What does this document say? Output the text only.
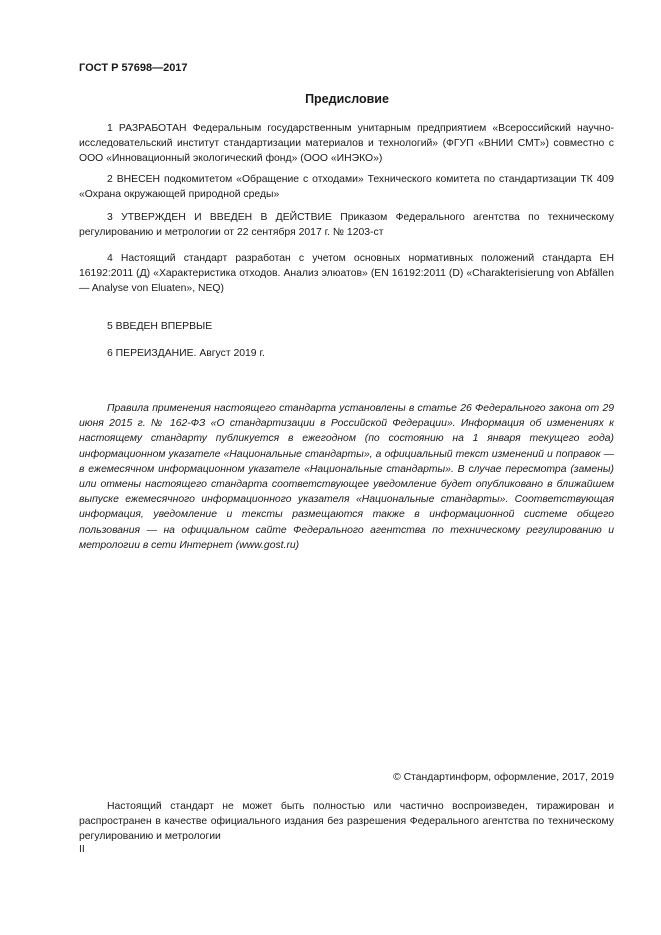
ГОСТ Р 57698—2017
Предисловие
1 РАЗРАБОТАН Федеральным государственным унитарным предприятием «Всероссийский научно-исследовательский институт стандартизации материалов и технологий» (ФГУП «ВНИИ СМТ») совместно с ООО «Инновационный экологический фонд» (ООО «ИНЭКО»)
2 ВНЕСЕН подкомитетом «Обращение с отходами» Технического комитета по стандартизации ТК 409 «Охрана окружающей природной среды»
3 УТВЕРЖДЕН И ВВЕДЕН В ДЕЙСТВИЕ Приказом Федерального агентства по техническому регулированию и метрологии от 22 сентября 2017 г. № 1203-ст
4 Настоящий стандарт разработан с учетом основных нормативных положений стандарта ЕН 16192:2011 (Д) «Характеристика отходов. Анализ элюатов» (EN 16192:2011 (D) «Charakterisierung von Abfällen — Analyse von Eluaten», NEQ)
5 ВВЕДЕН ВПЕРВЫЕ
6 ПЕРЕИЗДАНИЕ. Август 2019 г.
Правила применения настоящего стандарта установлены в статье 26 Федерального закона от 29 июня 2015 г. № 162-ФЗ «О стандартизации в Российской Федерации». Информация об изменениях к настоящему стандарту публикуется в ежегодном (по состоянию на 1 января текущего года) информационном указателе «Национальные стандарты», а официальный текст изменений и поправок — в ежемесячном информационном указателе «Национальные стандарты». В случае пересмотра (замены) или отмены настоящего стандарта соответствующее уведомление будет опубликовано в ближайшем выпуске ежемесячного информационного указателя «Национальные стандарты». Соответствующая информация, уведомление и тексты размещаются также в информационной системе общего пользования — на официальном сайте Федерального агентства по техническому регулированию и метрологии в сети Интернет (www.gost.ru)
© Стандартинформ, оформление, 2017, 2019
Настоящий стандарт не может быть полностью или частично воспроизведен, тиражирован и распространен в качестве официального издания без разрешения Федерального агентства по техническому регулированию и метрологии
II
